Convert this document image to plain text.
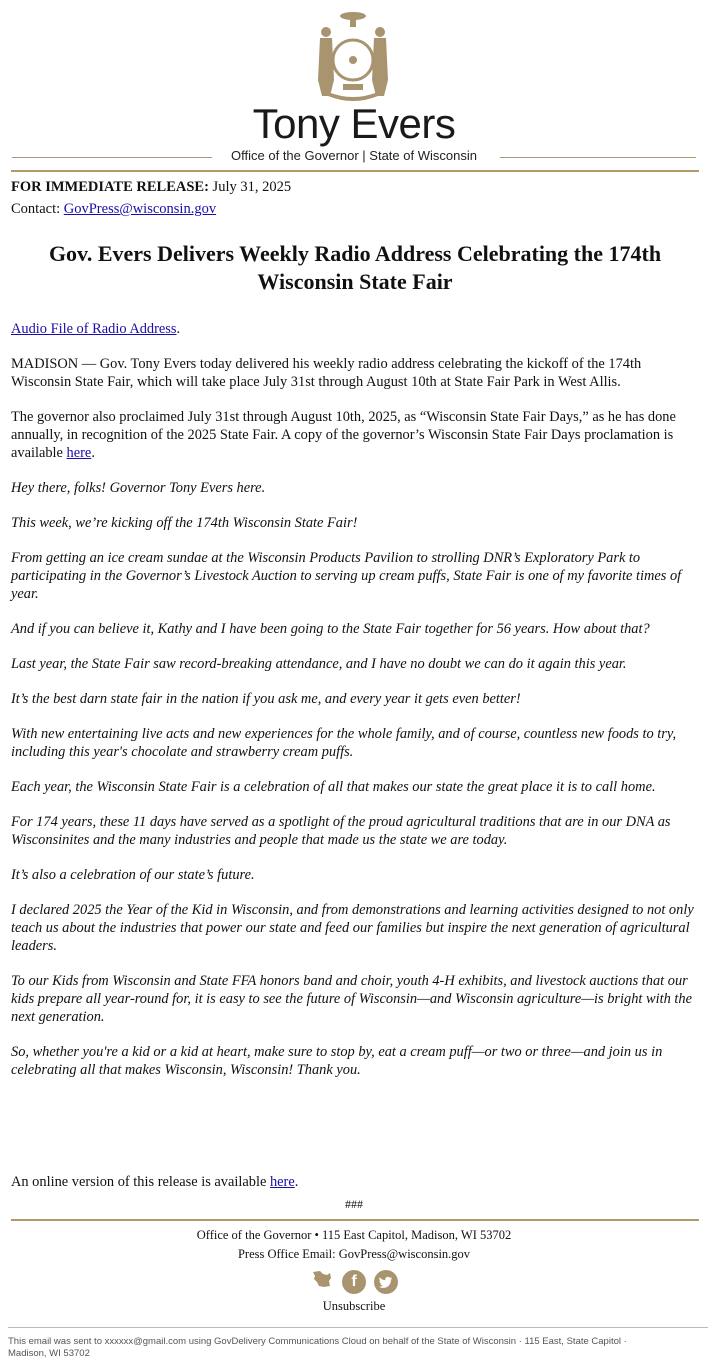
Tony Evers
Office of the Governor | State of Wisconsin
FOR IMMEDIATE RELEASE: July 31, 2025
Contact: GovPress@wisconsin.gov
Gov. Evers Delivers Weekly Radio Address Celebrating the 174th Wisconsin State Fair

Audio File of Radio Address.

MADISON — Gov. Tony Evers today delivered his weekly radio address celebrating the kickoff of the 174th Wisconsin State Fair, which will take place July 31st through August 10th at State Fair Park in West Allis.

The governor also proclaimed July 31st through August 10th, 2025, as “Wisconsin State Fair Days,” as he has done annually, in recognition of the 2025 State Fair. A copy of the governor’s Wisconsin State Fair Days proclamation is available here.

Hey there, folks! Governor Tony Evers here.

This week, we’re kicking off the 174th Wisconsin State Fair!

From getting an ice cream sundae at the Wisconsin Products Pavilion to strolling DNR’s Exploratory Park to participating in the Governor’s Livestock Auction to serving up cream puffs, State Fair is one of my favorite times of year.

And if you can believe it, Kathy and I have been going to the State Fair together for 56 years. How about that?

Last year, the State Fair saw record-breaking attendance, and I have no doubt we can do it again this year.

It’s the best darn state fair in the nation if you ask me, and every year it gets even better!

With new entertaining live acts and new experiences for the whole family, and of course, countless new foods to try, including this year's chocolate and strawberry cream puffs.

Each year, the Wisconsin State Fair is a celebration of all that makes our state the great place it is to call home.

For 174 years, these 11 days have served as a spotlight of the proud agricultural traditions that are in our DNA as Wisconsinites and the many industries and people that made us the state we are today.

It’s also a celebration of our state’s future.

I declared 2025 the Year of the Kid in Wisconsin, and from demonstrations and learning activities designed to not only teach us about the industries that power our state and feed our families but inspire the next generation of agricultural leaders.

To our Kids from Wisconsin and State FFA honors band and choir, youth 4-H exhibits, and livestock auctions that our kids prepare all year-round for, it is easy to see the future of Wisconsin—and Wisconsin agriculture—is bright with the next generation.

So, whether you're a kid or a kid at heart, make sure to stop by, eat a cream puff—or two or three—and join us in celebrating all that makes Wisconsin, Wisconsin! Thank you.

An online version of this release is available here.
###
Office of the Governor • 115 East Capitol, Madison, WI 53702
Press Office Email: GovPress@wisconsin.gov
f
Unsubscribe
This email was sent to xxxxxx@gmail.com using GovDelivery Communications Cloud on behalf of the State of Wisconsin · 115 East, State Capitol · Madison, WI 53702
